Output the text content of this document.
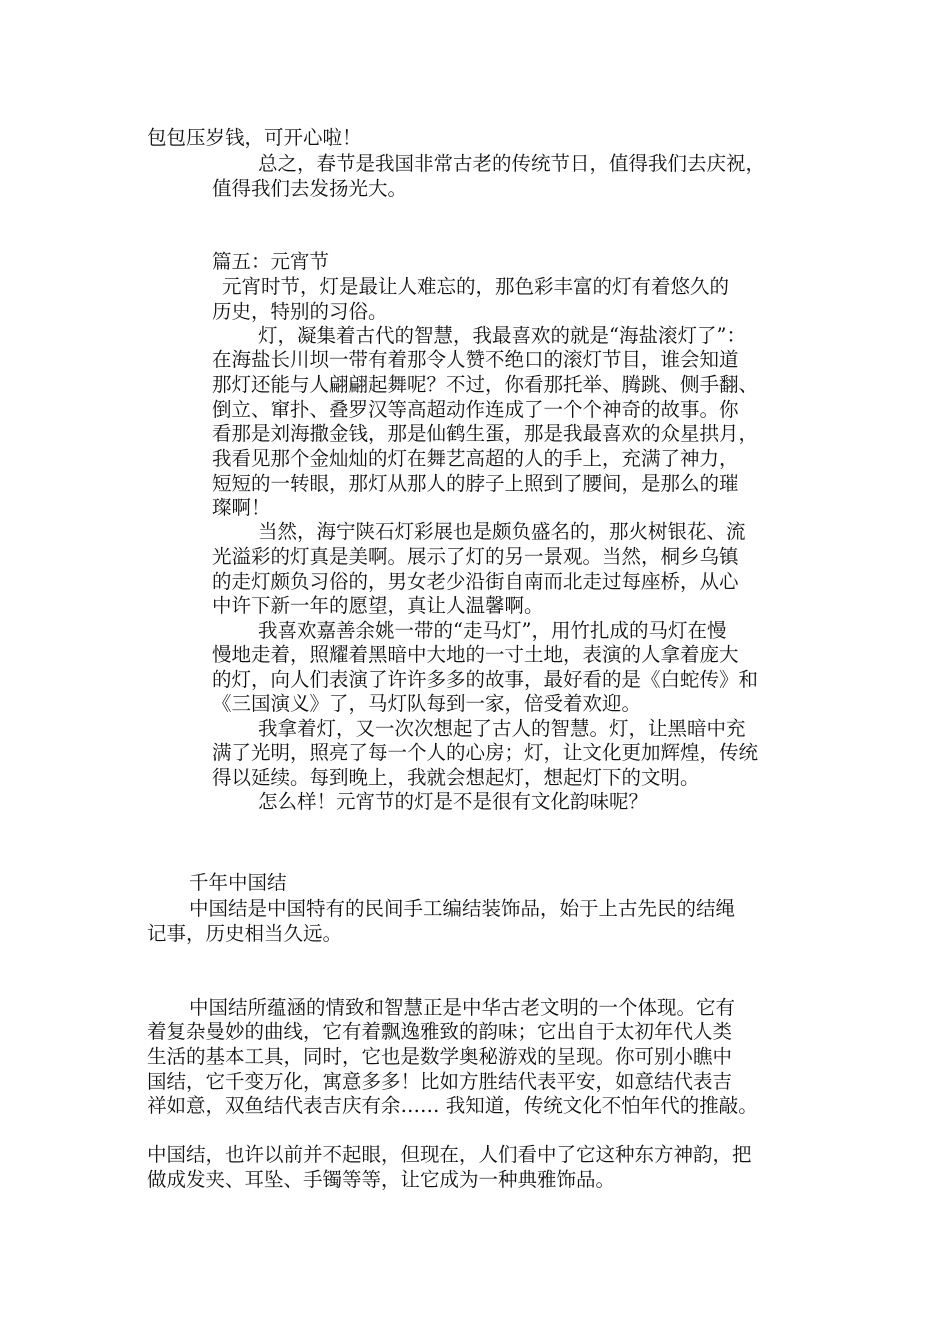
包包压岁钱，可开心啦！

总之，春节是我国非常古老的传统节日，值得我们去庆祝，

值得我们去发扬光大。

篇五：元宵节

元宵时节，灯是最让人难忘的，那色彩丰富的灯有着悠久的

历史，特别的习俗。

灯，凝集着古代的智慧，我最喜欢的就是“海盐滚灯了”：

在海盐长川坝一带有着那令人赞不绝口的滚灯节目，谁会知道

那灯还能与人翩翩起舞呢？不过，你看那托举、腾跳、侧手翻、

倒立、窜扑、叠罗汉等高超动作连成了一个个神奇的故事。你

看那是刘海撒金钱，那是仙鹤生蛋，那是我最喜欢的众星拱月，

我看见那个金灿灿的灯在舞艺高超的人的手上，充满了神力，

短短的一转眼，那灯从那人的脖子上照到了腰间，是那么的璀

璨啊！

当然，海宁陕石灯彩展也是颇负盛名的，那火树银花、流

光溢彩的灯真是美啊。展示了灯的另一景观。当然，桐乡乌镇

的走灯颇负习俗的，男女老少沿街自南而北走过每座桥，从心

中许下新一年的愿望，真让人温馨啊。

我喜欢嘉善余姚一带的“走马灯”，用竹扎成的马灯在慢

慢地走着，照耀着黑暗中大地的一寸土地，表演的人拿着庞大

的灯，向人们表演了许许多多的故事，最好看的是《白蛇传》和

《三国演义》了，马灯队每到一家，倍受着欢迎。

我拿着灯，又一次次想起了古人的智慧。灯，让黑暗中充

满了光明，照亮了每一个人的心房；灯，让文化更加辉煌，传统

得以延续。每到晚上，我就会想起灯，想起灯下的文明。

怎么样！元宵节的灯是不是很有文化韵味呢？

千年中国结

中国结是中国特有的民间手工编结装饰品，始于上古先民的结绳

记事，历史相当久远。

中国结所蕴涵的情致和智慧正是中华古老文明的一个体现。它有

着复杂曼妙的曲线，它有着飘逸雅致的韵味；它出自于太初年代人类

生活的基本工具，同时，它也是数学奥秘游戏的呈现。你可别小瞧中

国结，它千变万化，寓意多多！比如方胜结代表平安，如意结代表吉

祥如意，双鱼结代表吉庆有余…… 我知道，传统文化不怕年代的推敲。

中国结，也许以前并不起眼，但现在，人们看中了它这种东方神韵，把

做成发夹、耳坠、手镯等等，让它成为一种典雅饰品。
